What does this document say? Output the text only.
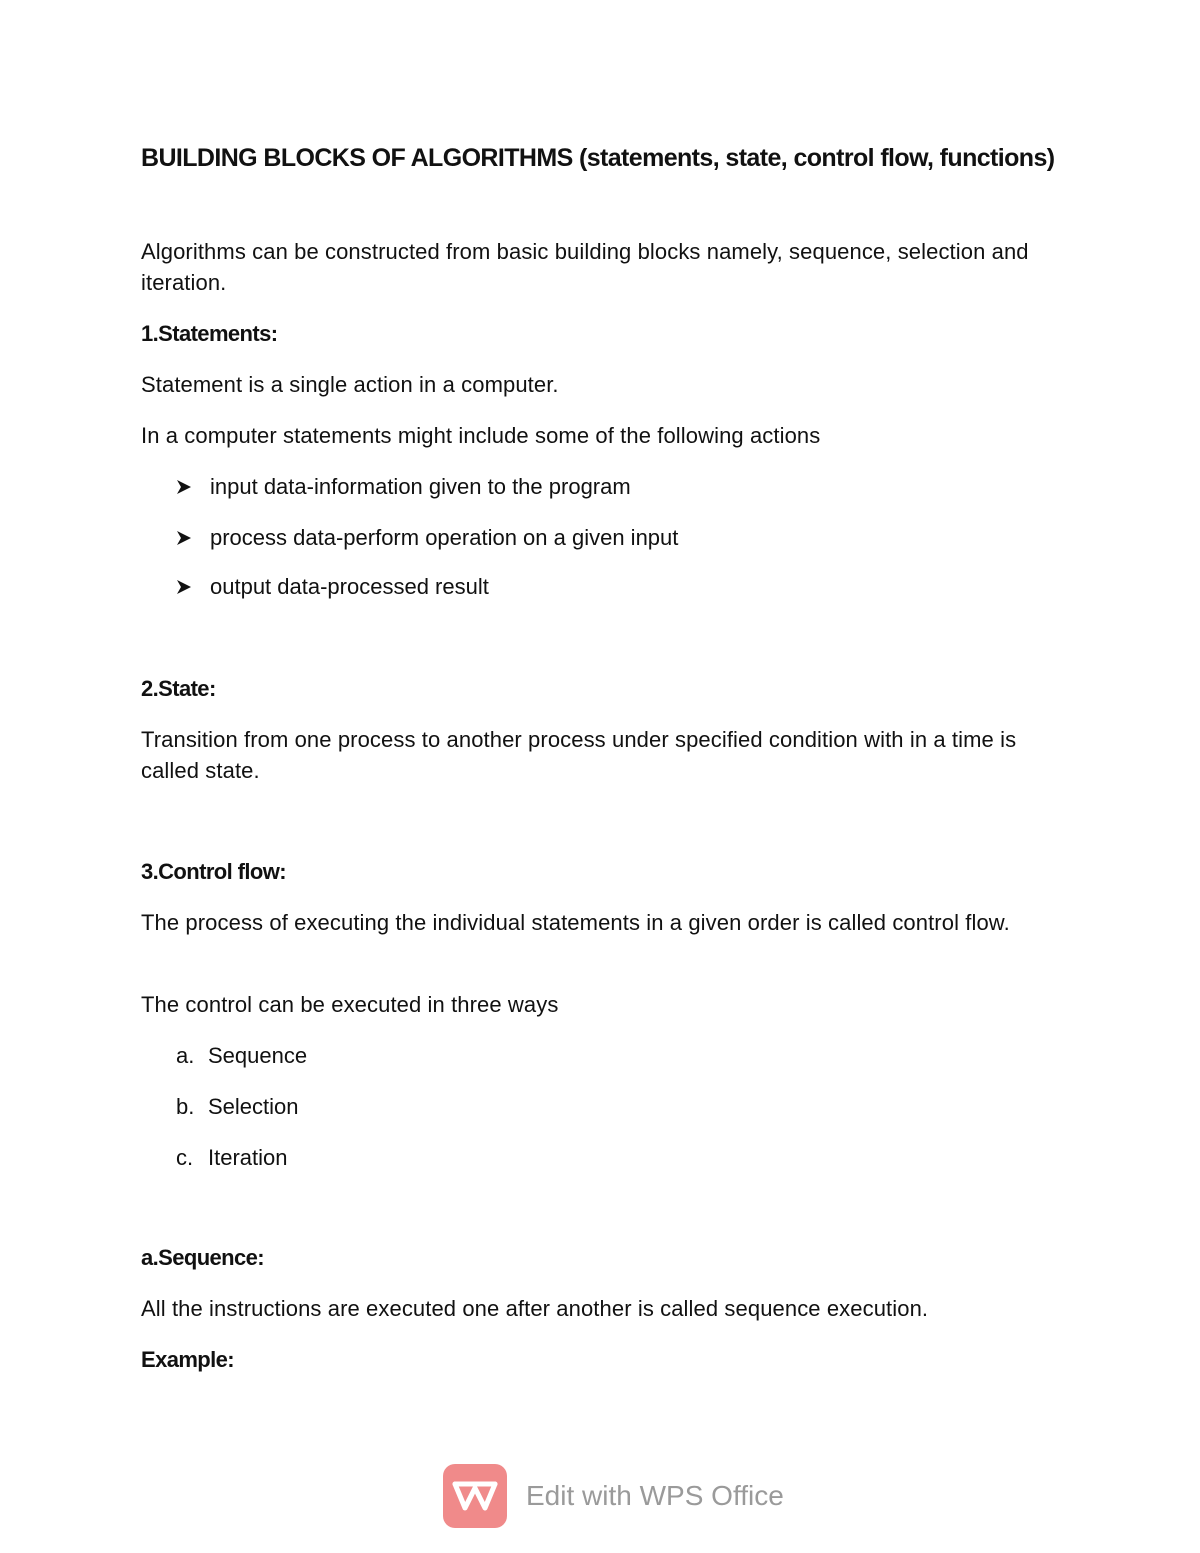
BUILDING BLOCKS OF ALGORITHMS (statements, state, control flow, functions)
Algorithms can be constructed from basic building blocks namely, sequence, selection and iteration.
1.Statements:
Statement is a single action in a computer.
In a computer statements might include some of the following actions
input data-information given to the program
process data-perform operation on a given input
output data-processed result
2.State:
Transition from one process to another process under specified condition with in a time is called state.
3.Control flow:
The process of executing the individual statements in a given order is called control flow.
The control can be executed in three ways
a. Sequence
b. Selection
c. Iteration
a.Sequence:
All the instructions are executed one after another is called sequence execution.
Example:
Edit with WPS Office
